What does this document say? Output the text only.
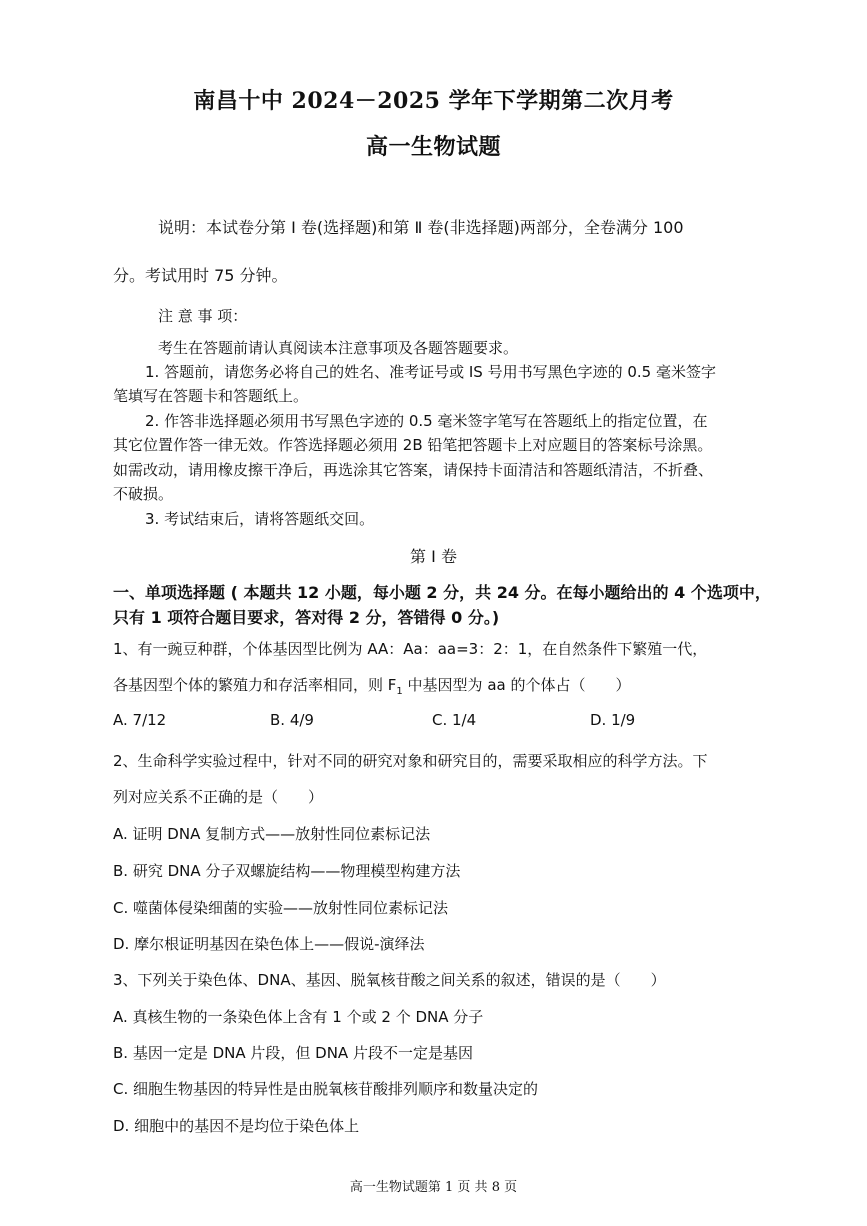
南昌十中 2024－2025 学年下学期第二次月考
高一生物试题
说明：本试卷分第 Ⅰ 卷(选择题)和第 Ⅱ 卷(非选择题)两部分，全卷满分 100
分。考试用时 75 分钟。
注 意 事 项：
考生在答题前请认真阅读本注意事项及各题答题要求。
1. 答题前，请您务必将自己的姓名、准考证号或 IS 号用书写黑色字迹的 0.5 毫米签字
笔填写在答题卡和答题纸上。
2. 作答非选择题必须用书写黑色字迹的 0.5 毫米签字笔写在答题纸上的指定位置，在
其它位置作答一律无效。作答选择题必须用 2B 铅笔把答题卡上对应题目的答案标号涂黑。
如需改动，请用橡皮擦干净后，再选涂其它答案，请保持卡面清洁和答题纸清洁，不折叠、
不破损。
3. 考试结束后，请将答题纸交回。
第 Ⅰ 卷
一、单项选择题 ( 本题共 12 小题，每小题 2 分，共 24 分。在每小题给出的 4 个选项中，
只有 1 项符合题目要求，答对得 2 分，答错得 0 分。)
1、有一豌豆种群，个体基因型比例为 AA：Aa：aa=3：2：1，在自然条件下繁殖一代，
各基因型个体的繁殖力和存活率相同，则 $F_1$ 中基因型为 aa 的个体占（　　）
A. 7/12	B. 4/9	C. 1/4	D. 1/9
2、生命科学实验过程中，针对不同的研究对象和研究目的，需要采取相应的科学方法。下
列对应关系不正确的是（　　）
A. 证明 DNA 复制方式——放射性同位素标记法
B. 研究 DNA 分子双螺旋结构——物理模型构建方法
C. 噬菌体侵染细菌的实验——放射性同位素标记法
D. 摩尔根证明基因在染色体上——假说-演绎法
3、下列关于染色体、DNA、基因、脱氧核苷酸之间关系的叙述，错误的是（　　）
A. 真核生物的一条染色体上含有 1 个或 2 个 DNA 分子
B. 基因一定是 DNA 片段，但 DNA 片段不一定是基因
C. 细胞生物基因的特异性是由脱氧核苷酸排列顺序和数量决定的
D. 细胞中的基因不是均位于染色体上
高一生物试题第 1 页 共 8 页
